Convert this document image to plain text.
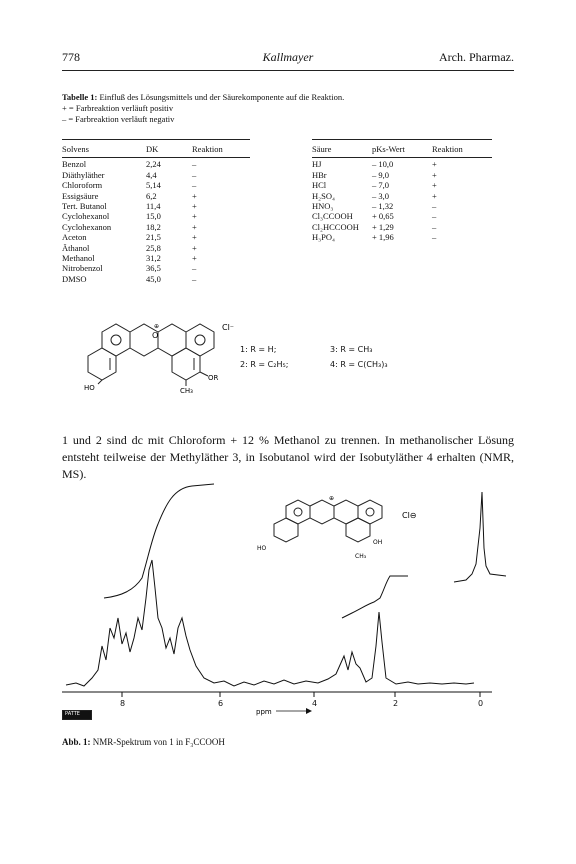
778	Kallmayer	Arch. Pharmaz.
Tabelle 1: Einfluß des Lösungsmittels und der Säurekomponente auf die Reaktion.
+ = Farbreaktion verläuft positiv
– = Farbreaktion verläuft negativ
Solvens	DK	Reaktion

Benzol	2,24	–
Diäthyläther	4,4	–
Chloroform	5,14	–
Essigsäure	6,2	+
Tert. Butanol	11,4	+
Cyclohexanol	15,0	+
Cyclohexanon	18,2	+
Aceton	21,5	+
Äthanol	25,8	+
Methanol	31,2	+
Nitrobenzol	36,5	–
DMSO	45,0	–
Säure	pKs-Wert	Reaktion

HJ	– 10,0	+
HBr	– 9,0	+
HCl	– 7,0	+
H₂SO₄	– 3,0	+
HNO₃	– 1,32	–
Cl₃CCOOH	+ 0,65	–
Cl₂HCCOOH	+ 1,29	–
H₃PO₄	+ 1,96	–
⊕
O
HO
OR
CH₃
Cl⁻
1: R = H;	3: R = CH₃
2: R = C₂H₅;	4: R = C(CH₃)₃
1 und 2 sind dc mit Chloroform + 12 % Methanol zu trennen. In methanolischer Lösung entsteht teilweise der Methyläther 3, in Isobutanol wird der Isobutyläther 4 erhalten (NMR, MS).
8	6	4	2	0
ppm
⊕
HO
OH
CH₃
Cl⊖
PATTE
Abb. 1: NMR-Spektrum von 1 in F₃CCOOH
